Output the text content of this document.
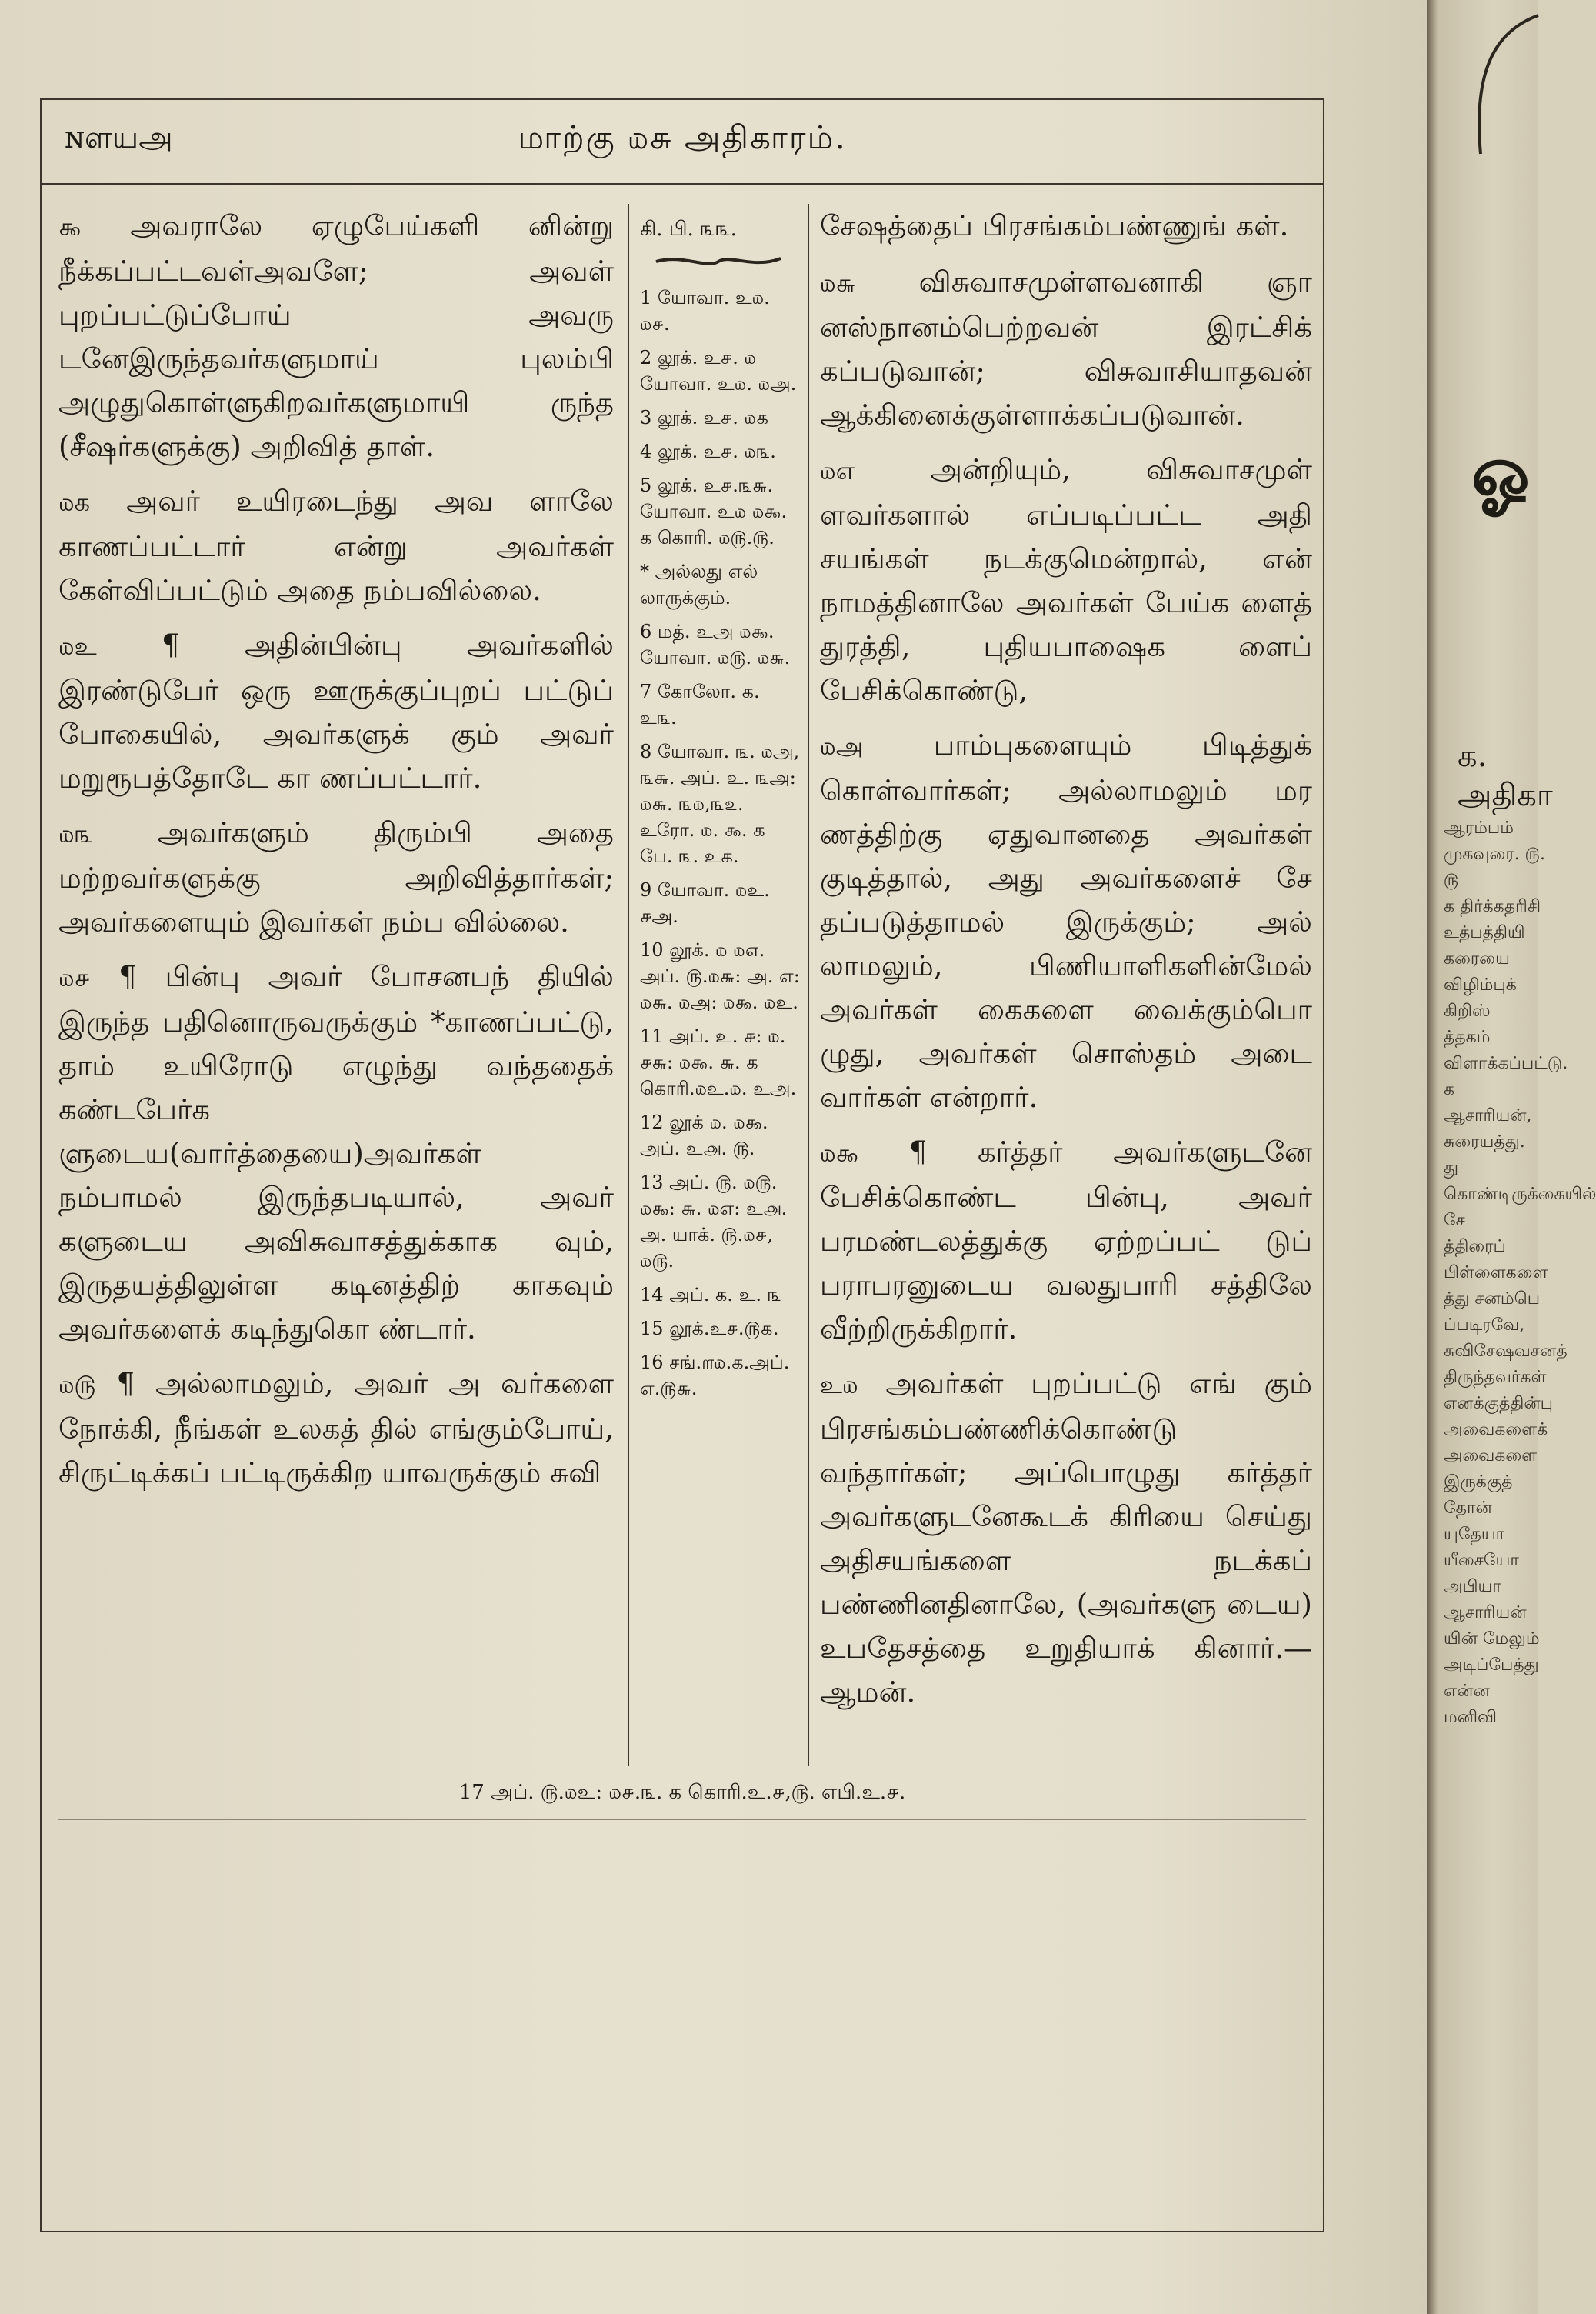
ɴளயஅ	மாற்கு ௰சு அதிகாரம்.

௯ அவராலே ஏழுபேய்களி னின்று நீக்கப்பட்டவள்அவளே; அவள் புறப்பட்டுப்போய் அவரு டனேஇருந்தவர்களுமாய் புலம்பி அழுதுகொள்ளுகிறவர்களுமாயி ருந்த (சீஷர்களுக்கு) அறிவித் தாள்.

௰க அவர் உயிரடைந்து அவ ளாலே காணப்பட்டார் என்று அவர்கள் கேள்விப்பட்டும் அதை நம்பவில்லை.

௰உ ¶ அதின்பின்பு அவர்களில் இரண்டுபேர் ஒரு ஊருக்குப்புறப் பட்டுப் போகையில், அவர்களுக் கும் அவர் மறுரூபத்தோடே கா ணப்பட்டார்.

௰௩ அவர்களும் திரும்பி அதை மற்றவர்களுக்கு அறிவித்தார்கள்; அவர்களையும் இவர்கள் நம்ப வில்லை.

௰௪ ¶ பின்பு அவர் போசனபந் தியில் இருந்த பதினொருவருக்கும் *காணப்பட்டு, தாம் உயிரோடு எழுந்து வந்ததைக் கண்டபேர்க ளுடைய(வார்த்தையை)அவர்கள் நம்பாமல் இருந்தபடியால், அவர் களுடைய அவிசுவாசத்துக்காக வும், இருதயத்திலுள்ள கடினத்திற் காகவும் அவர்களைக் கடிந்துகொ ண்டார்.

௰௫ ¶ அல்லாமலும், அவர் அ வர்களை நோக்கி, நீங்கள் உலகத் தில் எங்கும்போய், சிருட்டிக்கப் பட்டிருக்கிற யாவருக்கும் சுவி

கி. பி. ௩௩.
1 யோவா. உ௰. ௰௪.
2 லூக். உ௪. ௰ யோவா. உ௰. ௰அ.
3 லூக். உ௪. ௰௧
4 லூக். உ௪. ௰௩.
5 லூக். உ௪.௩௬. யோவா. உ௰ ௰௯. க கொரி. ௰௫.௫.
* அல்லது எல் லாருக்கும்.
6 மத். உஅ ௰௯. யோவா. ௰௫. ௰௬.
7 கோலோ. க. உ௩.
8 யோவா. ௩. ௰அ, ௩௬. அப். உ. ௩அ: ௰௬. ௩௰,௩௨. உரோ. ௰. ௯. க பே. ௩. உக.
9 யோவா. ௰உ. ௪அ.
10 லூக். ௰ ௰௭. அப். ௫.௰௬: அ. எ: ௰௬. ௰அ: ௰௯. ௰உ.
11 அப். உ. ௪: ௰. ௪௬: ௰௯. ௬. க கொரி.௰உ.௰. உஅ.
12 லூக் ௰. ௰௯. அப். உ௮. ௫.
13 அப். ௫. ௰௫. ௰௯: ௬. ௰எ: உ௮. அ. யாக். ௫.௰௪, ௰௫.
14 அப். க. உ. ௩
15 லூக்.உ௪.௫௧.
16 சங்.௱௰.க.அப். எ.௫௬.

சேஷத்தைப் பிரசங்கம்பண்ணுங் கள்.

௰௬ விசுவாசமுள்ளவனாகி ஞா னஸ்நானம்பெற்றவன் இரட்சிக் கப்படுவான்; விசுவாசியாதவன் ஆக்கினைக்குள்ளாக்கப்படுவான்.

௰எ	அன்றியும், விசுவாசமுள் ளவர்களால் எப்படிப்பட்ட அதி சயங்கள் நடக்குமென்றால், என் நாமத்தினாலே அவர்கள் பேய்க ளைத் துரத்தி, புதியபாஷைக ளைப் பேசிக்கொண்டு,

௰அ பாம்புகளையும் பிடித்துக் கொள்வார்கள்; அல்லாமலும் மர ணத்திற்கு ஏதுவானதை அவர்கள் குடித்தால், அது அவர்களைச் சே தப்படுத்தாமல் இருக்கும்; அல் லாமலும், பிணியாளிகளின்மேல் அவர்கள் கைகளை வைக்கும்பொ ழுது, அவர்கள் சொஸ்தம் அடை வார்கள் என்றார்.

௰௯ ¶ கர்த்தர் அவர்களுடனே பேசிக்கொண்ட பின்பு, அவர் பரமண்டலத்துக்கு ஏற்றப்பட் டுப் பராபரனுடைய வலதுபாரி சத்திலே வீற்றிருக்கிறார்.

உ௰ அவர்கள் புறப்பட்டு எங் கும் பிரசங்கம்பண்ணிக்கொண்டு வந்தார்கள்; அப்பொழுது கர்த்தர் அவர்களுடனேகூடக் கிரியை செய்து அதிசயங்களை நடக்கப் பண்ணினதினாலே, (அவர்களு டைய) உபதேசத்தை உறுதியாக் கினார்.—ஆமன்.

17 அப். ௫.௰உ: ௰௪.௩. க கொரி.உ.௪,௫. எபி.உ.௪.
ஓ
க. அதிகா
ஆரம்பம் முகவுரை. ௫. ௫
க திர்க்கதரிசி உத்பத்தியி
கரையை விழிம்புக் கிறிஸ்
த்தகம் விளாக்கப்பட்டு. க
ஆசாரியன், சுரையத்து.
து கொண்டிருக்கையில் சே
த்திரைப் பிள்ளைகளை
த்து சனம்பெ
ப்படிரவே,
சுவிசேஷவசனத்
திருந்தவர்கள்
எனக்குத்தின்பு
அவைகளைக்
அவைகளை
இருக்குத் தோன்
யுதேயா
யீசையோ
அபியா
ஆசாரியன்
யின் மேலும்
அடிப்பேத்து என்ன
மனிவி
